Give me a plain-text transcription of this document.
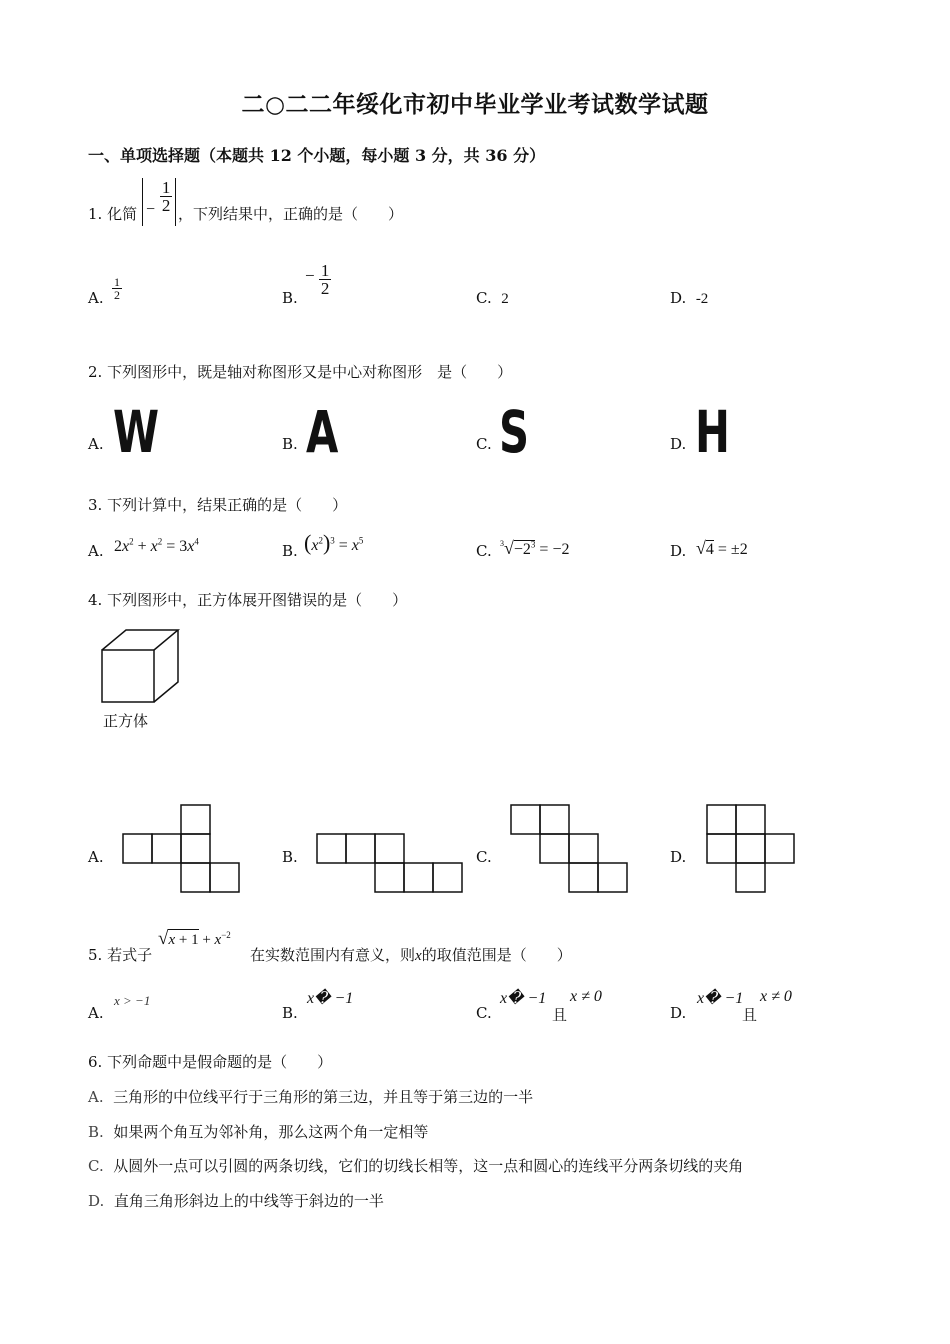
二○二二年绥化市初中毕业学业考试数学试题
一、单项选择题（本题共 12 个小题，每小题 3 分，共 36 分）
1. 化简 − $\frac{1}{2}$ ，下列结果中，正确的是（　　）
A. $\frac{1}{2}$	B.
− $\frac{1}{2}$
C. 2	D. -2
2. 下列图形中，既是轴对称图形又是中心对称图形　是（　　）
A. W	B. A	C. S	D. H
3. 下列计算中，结果正确的是（　　）
A. $2x^2 + x^2 = 3x^4$
B. $(x^2)^3 = x^5$
C. $^3√-2^3 = -2$	D. √4 = ±2
4. 下列图形中，正方体展开图错误的是（　　）
正方体
A.	B.	C.	D.
5. 若式子
$√x + 1 + x^{-2}$
在实数范围内有意义，则x的取值范围是（　　）
A.
x > −1
B.
x� −1
C.
x� −1
且
x ≠ 0
D.
x� −1
且
x ≠ 0
6. 下列命题中是假命题的是（　　）
A. 三角形的中位线平行于三角形的第三边，并且等于第三边的一半
B. 如果两个角互为邻补角，那么这两个角一定相等
C. 从圆外一点可以引圆的两条切线，它们的切线长相等，这一点和圆心的连线平分两条切线的夹角
D. 直角三角形斜边上的中线等于斜边的一半
